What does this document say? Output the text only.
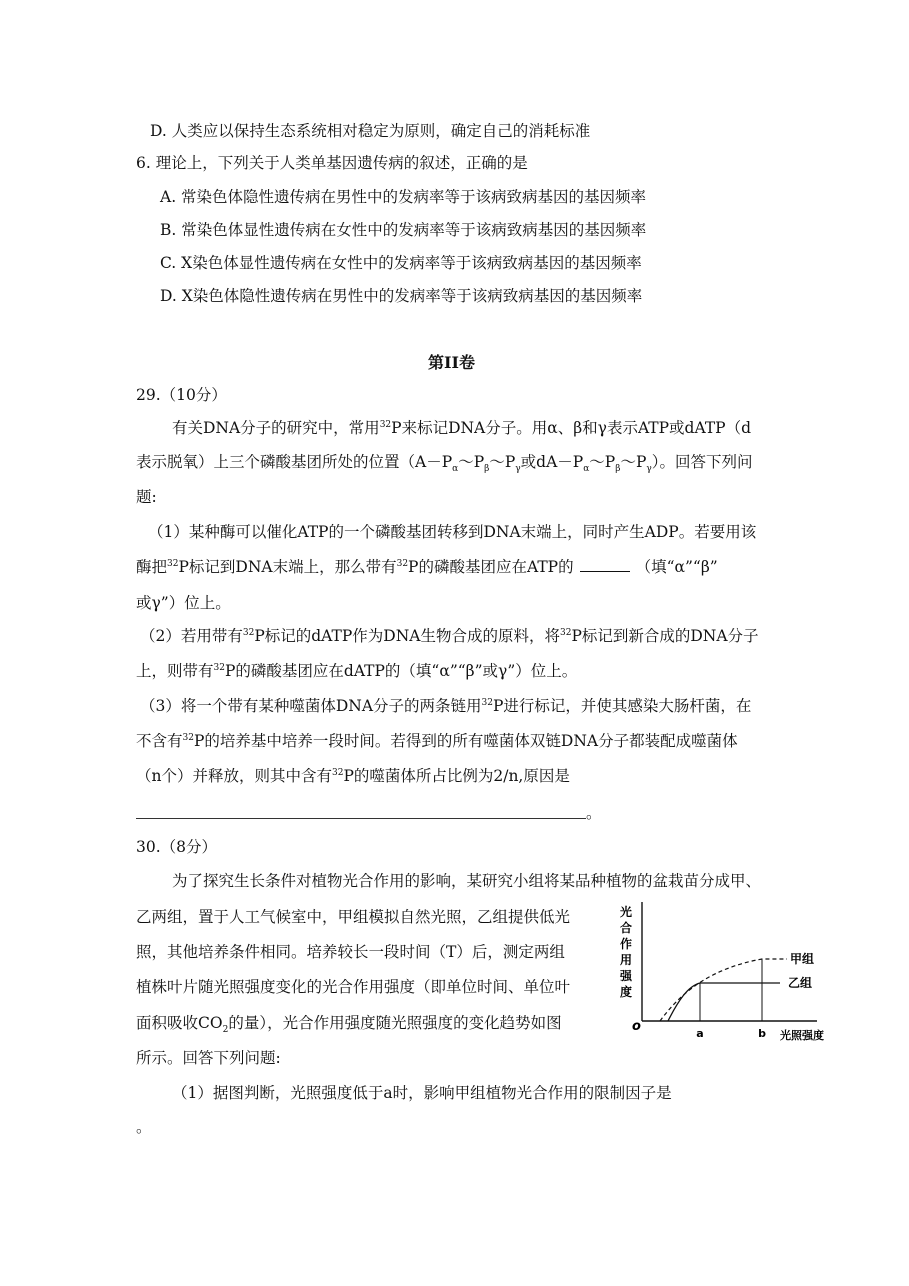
D. 人类应以保持生态系统相对稳定为原则，确定自己的消耗标准
6. 理论上，下列关于人类单基因遗传病的叙述，正确的是
A. 常染色体隐性遗传病在男性中的发病率等于该病致病基因的基因频率
B. 常染色体显性遗传病在女性中的发病率等于该病致病基因的基因频率
C. X染色体显性遗传病在女性中的发病率等于该病致病基因的基因频率
D. X染色体隐性遗传病在男性中的发病率等于该病致病基因的基因频率
第II卷
29.（10分）
有关DNA分子的研究中，常用$^{32}$P来标记DNA分子。用α、β和γ表示ATP或dATP（d
表示脱氧）上三个磷酸基团所处的位置（$A-P_\alpha\sim P_\beta\sim P_\gamma$或$dA-P_\alpha\sim P_\beta\sim P_\gamma$）。回答下列问
题:
（1）某种酶可以催化ATP的一个磷酸基团转移到DNA末端上，同时产生ADP。若要用该
酶把$^{32}$P标记到DNA末端上，那么带有$^{32}$P的磷酸基团应在ATP的	（填“α”“β”
或γ”）位上。
（2）若用带有$^{32}$P标记的dATP作为DNA生物合成的原料，将$^{32}$P标记到新合成的DNA分子
上，则带有$^{32}$P的磷酸基团应在dATP的（填“α”“β”或γ”）位上。
（3）将一个带有某种噬菌体DNA分子的两条链用$^{32}$P进行标记，并使其感染大肠杆菌，在
不含有$^{32}$P的培养基中培养一段时间。若得到的所有噬菌体双链DNA分子都装配成噬菌体
（n个）并释放，则其中含有$^{32}$P的噬菌体所占比例为2/n,原因是
。
30.（8分）
为了探究生长条件对植物光合作用的影响，某研究小组将某品种植物的盆栽苗分成甲、
乙两组，置于人工气候室中，甲组模拟自然光照，乙组提供低光
照，其他培养条件相同。培养较长一段时间（T）后，测定两组
植株叶片随光照强度变化的光合作用强度（即单位时间、单位叶
面积吸收$CO_2$的量），光合作用强度随光照强度的变化趋势如图
所示。回答下列问题:
（1）据图判断，光照强度低于a时，影响甲组植物光合作用的限制因子是
。
光
合
作
用
强
度
o	a	b 光照强度
甲组
乙组
